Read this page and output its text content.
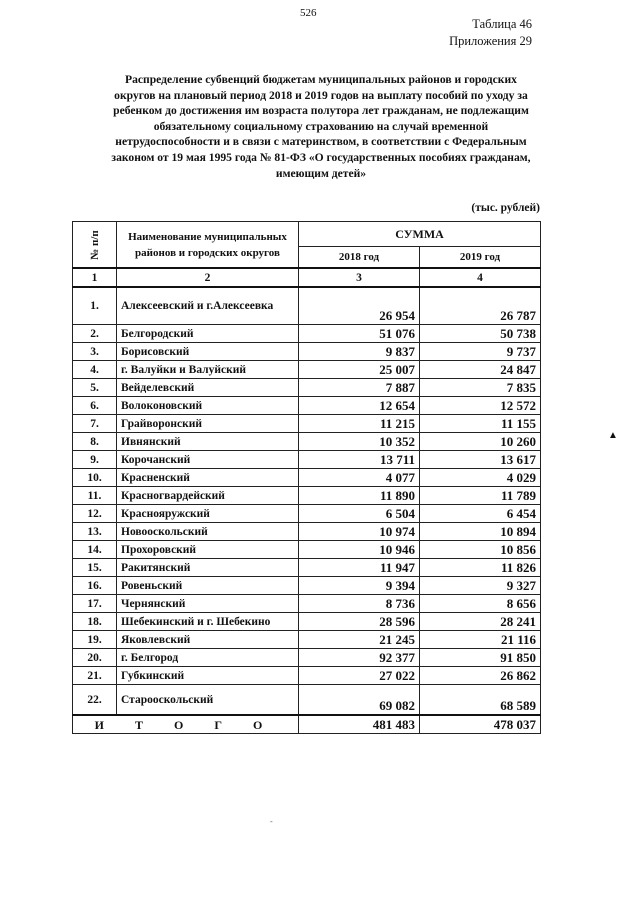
526
Таблица 46
Приложения 29
Распределение субвенций бюджетам муниципальных районов и городских
округов на плановый период 2018 и 2019 годов на выплату пособий по уходу за
ребенком до достижения им возраста полутора лет гражданам, не подлежащим
обязательному социальному страхованию на случай временной
нетрудоспособности и в связи с материнством, в соответствии с Федеральным
законом от 19 мая 1995 года № 81-ФЗ «О государственных пособиях гражданам,
имеющим детей»
(тыс. рублей)
№ п/п	Наименование муниципальных районов и городских округов	СУММА	
		2018 год	2019 год
1	2	3	4
1.	Алексеевский и г.Алексеевка	26 954	26 787
2.	Белгородский	51 076	50 738
3.	Борисовский	9 837	9 737
4.	г. Валуйки и Валуйский	25 007	24 847
5.	Вейделевский	7 887	7 835
6.	Волоконовский	12 654	12 572
7.	Грайворонский	11 215	11 155
8.	Ивнянский	10 352	10 260
9.	Корочанский	13 711	13 617
10.	Красненский	4 077	4 029
11.	Красногвардейский	11 890	11 789
12.	Краснояружский	6 504	6 454
13.	Новооскольский	10 974	10 894
14.	Прохоровский	10 946	10 856
15.	Ракитянский	11 947	11 826
16.	Ровеньский	9 394	9 327
17.	Чернянский	8 736	8 656
18.	Шебекинский и г. Шебекино	28 596	28 241
19.	Яковлевский	21 245	21 116
20.	г. Белгород	92 377	91 850
21.	Губкинский	27 022	26 862
22.	Старооскольский	69 082	68 589
И Т О Г О		481 483	478 037
▲
-
